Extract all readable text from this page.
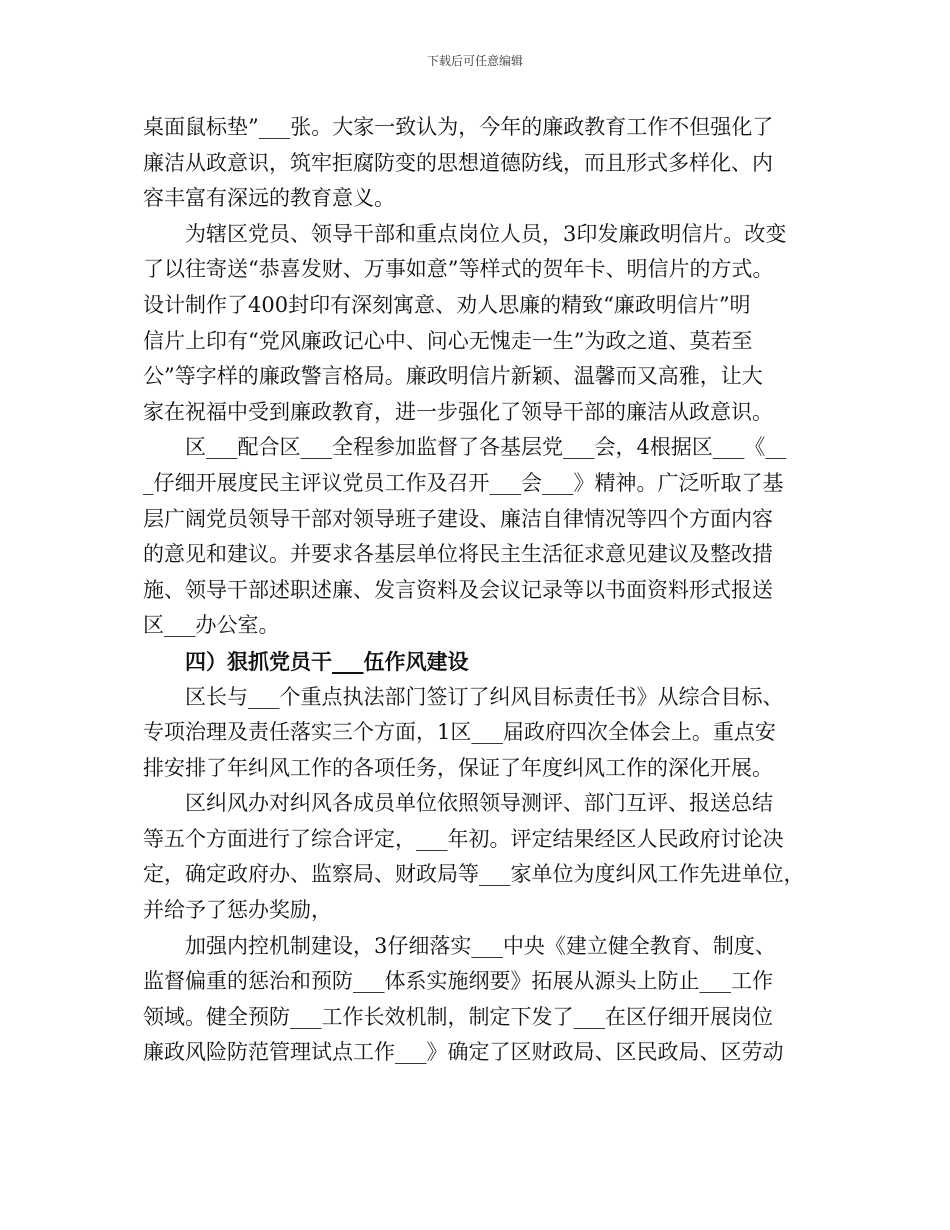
下载后可任意编辑
桌面鼠标垫”___张。大家一致认为，今年的廉政教育工作不但强化了
廉洁从政意识，筑牢拒腐防变的思想道德防线，而且形式多样化、内
容丰富有深远的教育意义。
为辖区党员、领导干部和重点岗位人员，3印发廉政明信片。改变
了以往寄送“恭喜发财、万事如意”等样式的贺年卡、明信片的方式。
设计制作了400封印有深刻寓意、劝人思廉的精致“廉政明信片”明
信片上印有“党风廉政记心中、问心无愧走一生”为政之道、莫若至
公”等字样的廉政警言格局。廉政明信片新颖、温馨而又高雅，让大
家在祝福中受到廉政教育，进一步强化了领导干部的廉洁从政意识。
区___配合区___全程参加监督了各基层党___会，4根据区___《__
_仔细开展度民主评议党员工作及召开___会___》精神。广泛听取了基
层广阔党员领导干部对领导班子建设、廉洁自律情况等四个方面内容
的意见和建议。并要求各基层单位将民主生活征求意见建议及整改措
施、领导干部述职述廉、发言资料及会议记录等以书面资料形式报送
区___办公室。
四）狠抓党员干___伍作风建设
区长与___个重点执法部门签订了纠风目标责任书》从综合目标、
专项治理及责任落实三个方面，1区___届政府四次全体会上。重点安
排安排了年纠风工作的各项任务，保证了年度纠风工作的深化开展。
区纠风办对纠风各成员单位依照领导测评、部门互评、报送总结
等五个方面进行了综合评定，___年初。评定结果经区人民政府讨论决
定，确定政府办、监察局、财政局等___家单位为度纠风工作先进单位，
并给予了惩办奖励，
加强内控机制建设，3仔细落实___中央《建立健全教育、制度、
监督偏重的惩治和预防___体系实施纲要》拓展从源头上防止___工作
领域。健全预防___工作长效机制，制定下发了___在区仔细开展岗位
廉政风险防范管理试点工作___》确定了区财政局、区民政局、区劳动
